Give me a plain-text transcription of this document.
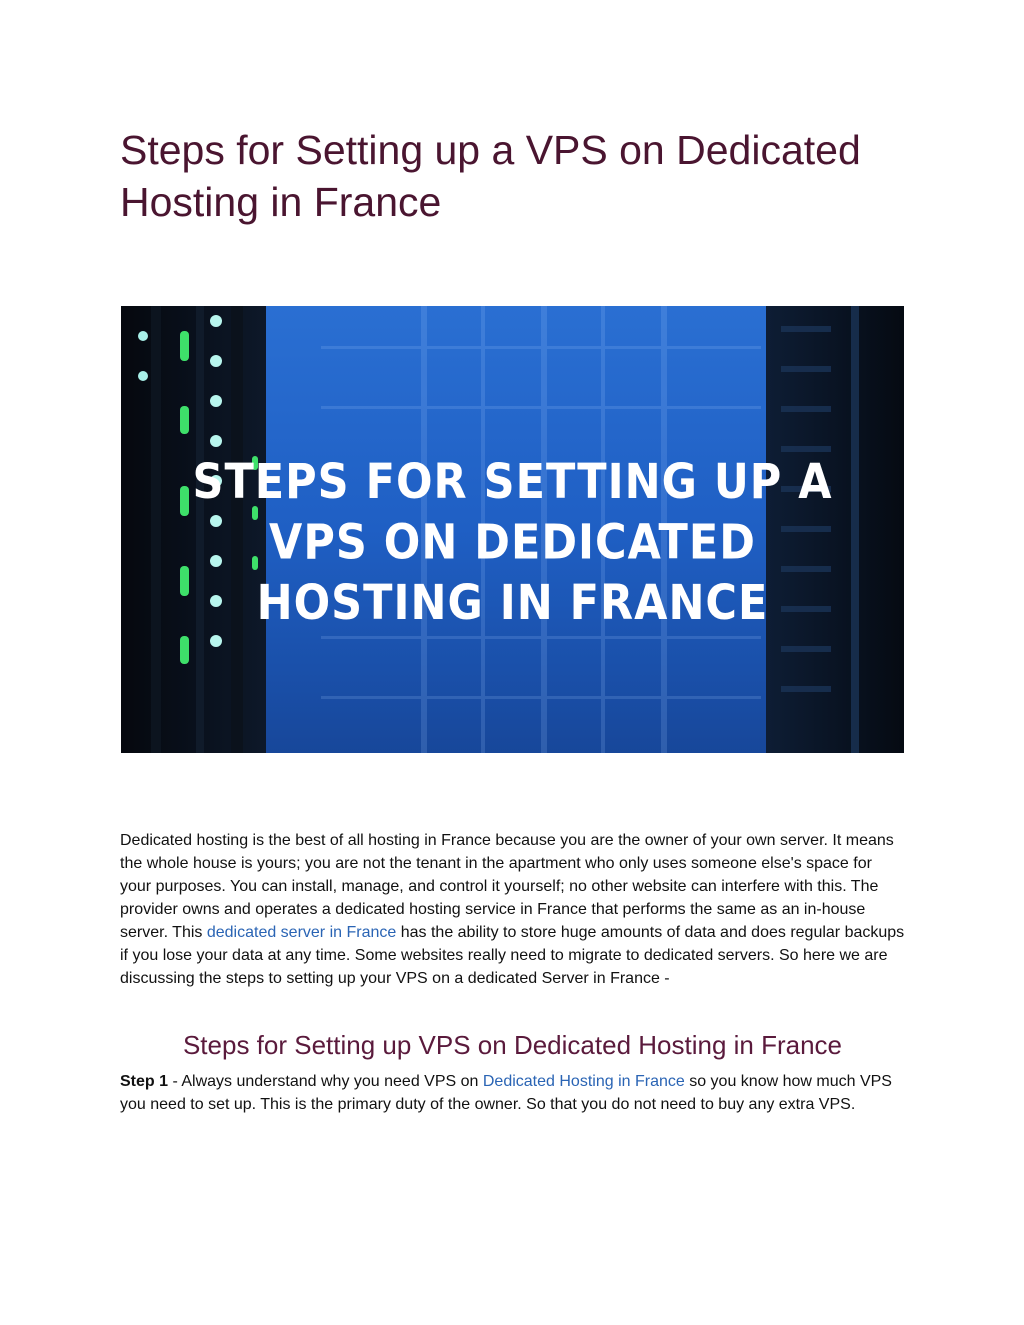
Steps for Setting up a VPS on Dedicated Hosting in France
STEPS FOR SETTING UP A
VPS ON DEDICATED
HOSTING IN FRANCE

Dedicated hosting is the best of all hosting in France because you are the owner of your own server. It means the whole house is yours; you are not the tenant in the apartment who only uses someone else's space for your purposes. You can install, manage, and control it yourself; no other website can interfere with this. The provider owns and operates a dedicated hosting service in France that performs the same as an in-house server. This dedicated server in France has the ability to store huge amounts of data and does regular backups if you lose your data at any time. Some websites really need to migrate to dedicated servers. So here we are discussing the steps to setting up your VPS on a dedicated Server in France -

Steps for Setting up VPS on Dedicated Hosting in France

Step 1 - Always understand why you need VPS on Dedicated Hosting in France so you know how much VPS you need to set up. This is the primary duty of the owner. So that you do not need to buy any extra VPS.
